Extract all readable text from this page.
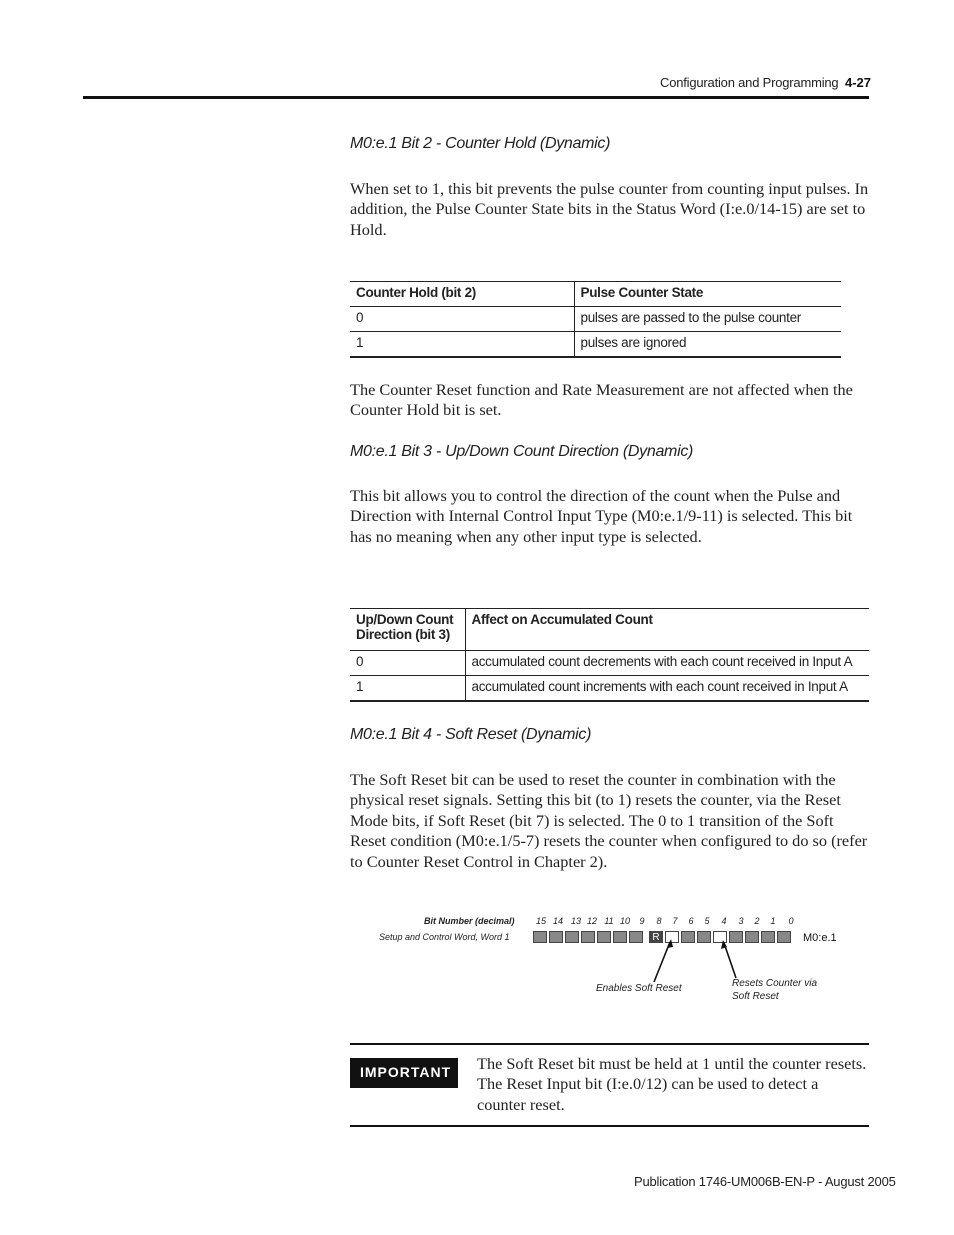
Configuration and Programming 4-27
M0:e.1 Bit 2 - Counter Hold (Dynamic)
When set to 1, this bit prevents the pulse counter from counting input pulses. In addition, the Pulse Counter State bits in the Status Word (I:e.0/14-15) are set to Hold.
Counter Hold (bit 2)	Pulse Counter State
0	pulses are passed to the pulse counter
1	pulses are ignored
The Counter Reset function and Rate Measurement are not affected when the Counter Hold bit is set.
M0:e.1 Bit 3 - Up/Down Count Direction (Dynamic)
This bit allows you to control the direction of the count when the Pulse and Direction with Internal Control Input Type (M0:e.1/9-11) is selected. This bit has no meaning when any other input type is selected.
Up/Down Count Direction (bit 3)	Affect on Accumulated Count
0	accumulated count decrements with each count received in Input A
1	accumulated count increments with each count received in Input A
M0:e.1 Bit 4 - Soft Reset (Dynamic)
The Soft Reset bit can be used to reset the counter in combination with the physical reset signals. Setting this bit (to 1) resets the counter, via the Reset Mode bits, if Soft Reset (bit 7) is selected. The 0 to 1 transition of the Soft Reset condition (M0:e.1/5-7) resets the counter when configured to do so (refer to Counter Reset Control in Chapter 2).
Bit Number (decimal)
Setup and Control Word, Word 1
15 14 13 12 11 10 9 8 7 6 5 4 3 2 1 0
R	M0:e.1
Enables Soft Reset	Resets Counter via
Soft Reset
IMPORTANT The Soft Reset bit must be held at 1 until the counter resets. The Reset Input bit (I:e.0/12) can be used to detect a counter reset.
Publication 1746-UM006B-EN-P - August 2005
